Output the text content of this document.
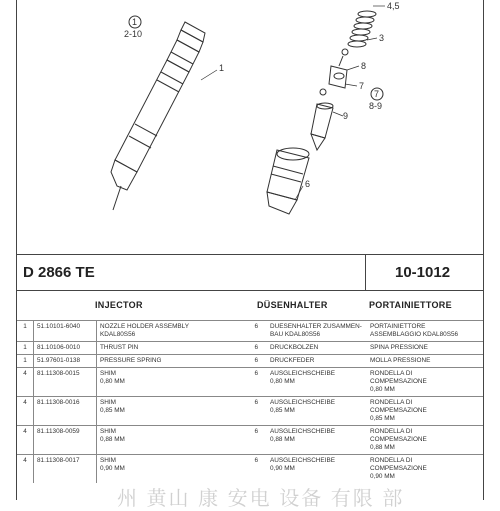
1
2-10
1
4,5
3
8
7
8-9
7
9
6
D 2866 TE	10-1012
INJECTOR	DÜSENHALTER	PORTAINIETTORE
1	51.10101-6040	NOZZLE HOLDER ASSEMBLY
KDAL80S56	6	DUESENHALTER ZUSAMMEN-
BAU KDAL80S56	PORTAINIETTORE
ASSEMBLAGGIO KDAL80S56
1	81.10106-0010	THRUST PIN	6	DRUCKBOLZEN	SPINA PRESSIONE
1	51.97601-0138	PRESSURE SPRING	6	DRUCKFEDER	MOLLA PRESSIONE
4	81.11308-0015	SHIM
0,80 MM	6	AUSGLEICHSCHEIBE
0,80 MM	RONDELLA DI
COMPEMSAZIONE
0,80 MM
4	81.11308-0016	SHIM
0,85 MM	6	AUSGLEICHSCHEIBE
0,85 MM	RONDELLA DI
COMPEMSAZIONE
0,85 MM
4	81.11308-0059	SHIM
0,88 MM	6	AUSGLEICHSCHEIBE
0,88 MM	RONDELLA DI
COMPEMSAZIONE
0,88 MM
4	81.11308-0017	SHIM
0,90 MM	6	AUSGLEICHSCHEIBE
0,90 MM	RONDELLA DI
COMPEMSAZIONE
0,90 MM
州 黄山 康 安电 设备 有限 部
